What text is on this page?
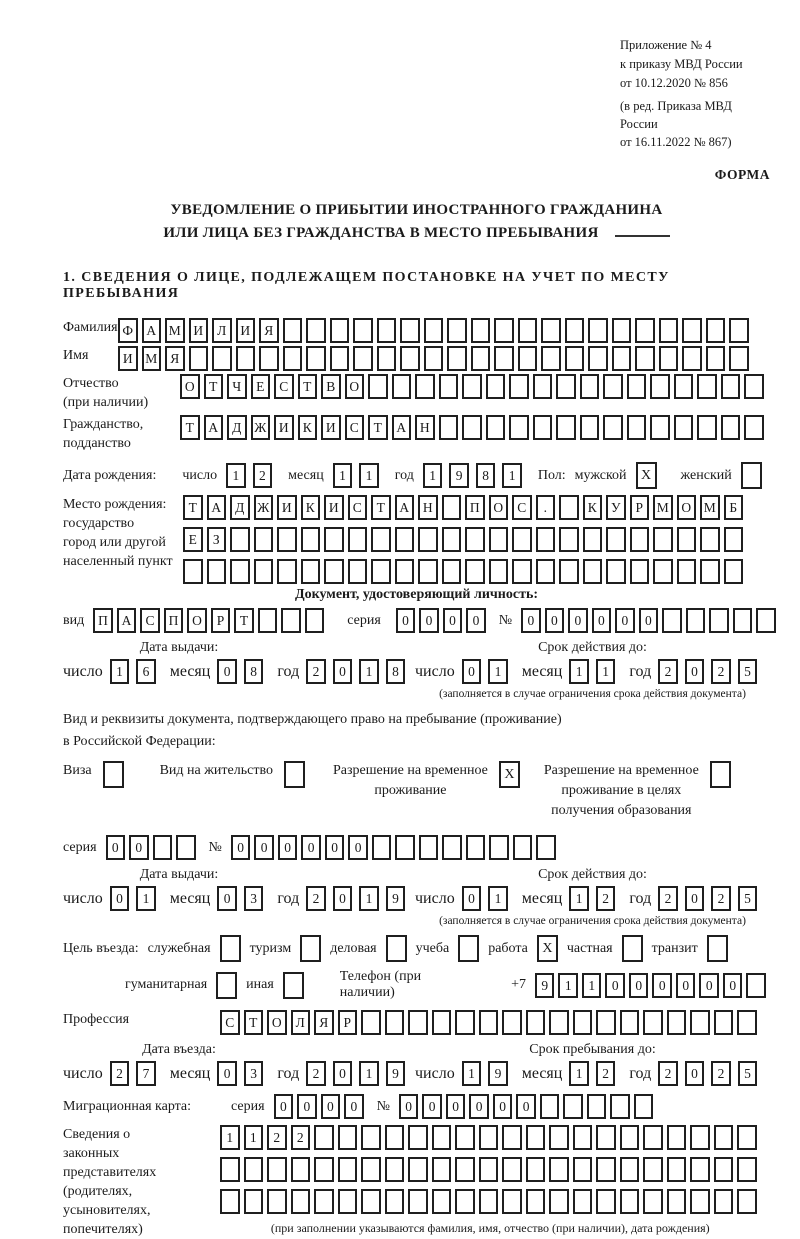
Приложение № 4
к приказу МВД России
от 10.12.2020 № 856
(в ред. Приказа МВД России
от 16.11.2022 № 867)
ФОРМА
УВЕДОМЛЕНИЕ О ПРИБЫТИИ ИНОСТРАННОГО ГРАЖДАНИНА
ИЛИ ЛИЦА БЕЗ ГРАЖДАНСТВА В МЕСТО ПРЕБЫВАНИЯ
1. СВЕДЕНИЯ О ЛИЦЕ, ПОДЛЕЖАЩЕМ ПОСТАНОВКЕ НА УЧЕТ ПО МЕСТУ ПРЕБЫВАНИЯ
Фамилия Ф А М И	Л	И	Я
Имя	И М Я
Отчество
(при наличии)
О	Т	Ч	Е	С	Т	В	О
Гражданство,
подданство
Т	А	Д Ж И	К	И	С	Т	А	Н
Дата рождения: число	1	2	месяц	1	1	год	1	9	8	1	Пол: мужской	X	женский
Место рождения:
государство
город или другой
населенный пункт
Т	А	Д Ж И	К	И	С	Т	А	Н	П	О	С	.	К	У	Р	М О М	Б
Е	З
Документ, удостоверяющий личность:
вид	П	А	С	П	О	Р	Т	серия	0	0	0	0	№	0	0	0	0	0	0
Дата выдачи:
число 1	6	месяц 0	8	год 2	0	1	8
Срок действия до:
число 0	1	месяц 1	1	год 2	0	2	5
(заполняется в случае ограничения срока действия документа)
Вид и реквизиты документа, подтверждающего право на пребывание (проживание)
в Российской Федерации:
Виза	Вид на жительство	Разрешение на временное
проживание
X	Разрешение на временное
проживание в целях
получения образования
серия	0	0	№	0	0	0	0	0	0
Дата выдачи:
число 0	1	месяц 0	3	год 2	0	1	9
Срок действия до:
число 0	1	месяц 1	2	год 2	0	2	5
(заполняется в случае ограничения срока действия документа)
Цель въезда: служебная	туризм	деловая	учеба	работа	X	частная	транзит
гуманитарная	иная
Телефон (при наличии)
+7	9	1	1	0	0	0	0	0	0
Профессия	С	Т	О	Л	Я	Р
Дата въезда:
число 2	7	месяц 0	3	год 2	0	1	9
Срок пребывания до:
число 1	9	месяц 1	2	год 2	0	2	5
Миграционная карта:	серия	0	0	0	0	№	0	0	0	0	0	0
Сведения о
законных
представителях
(родителях,
усыновителях,
попечителях)
1	1	2	2
(при заполнении указываются фамилия, имя, отчество (при наличии), дата рождения)
